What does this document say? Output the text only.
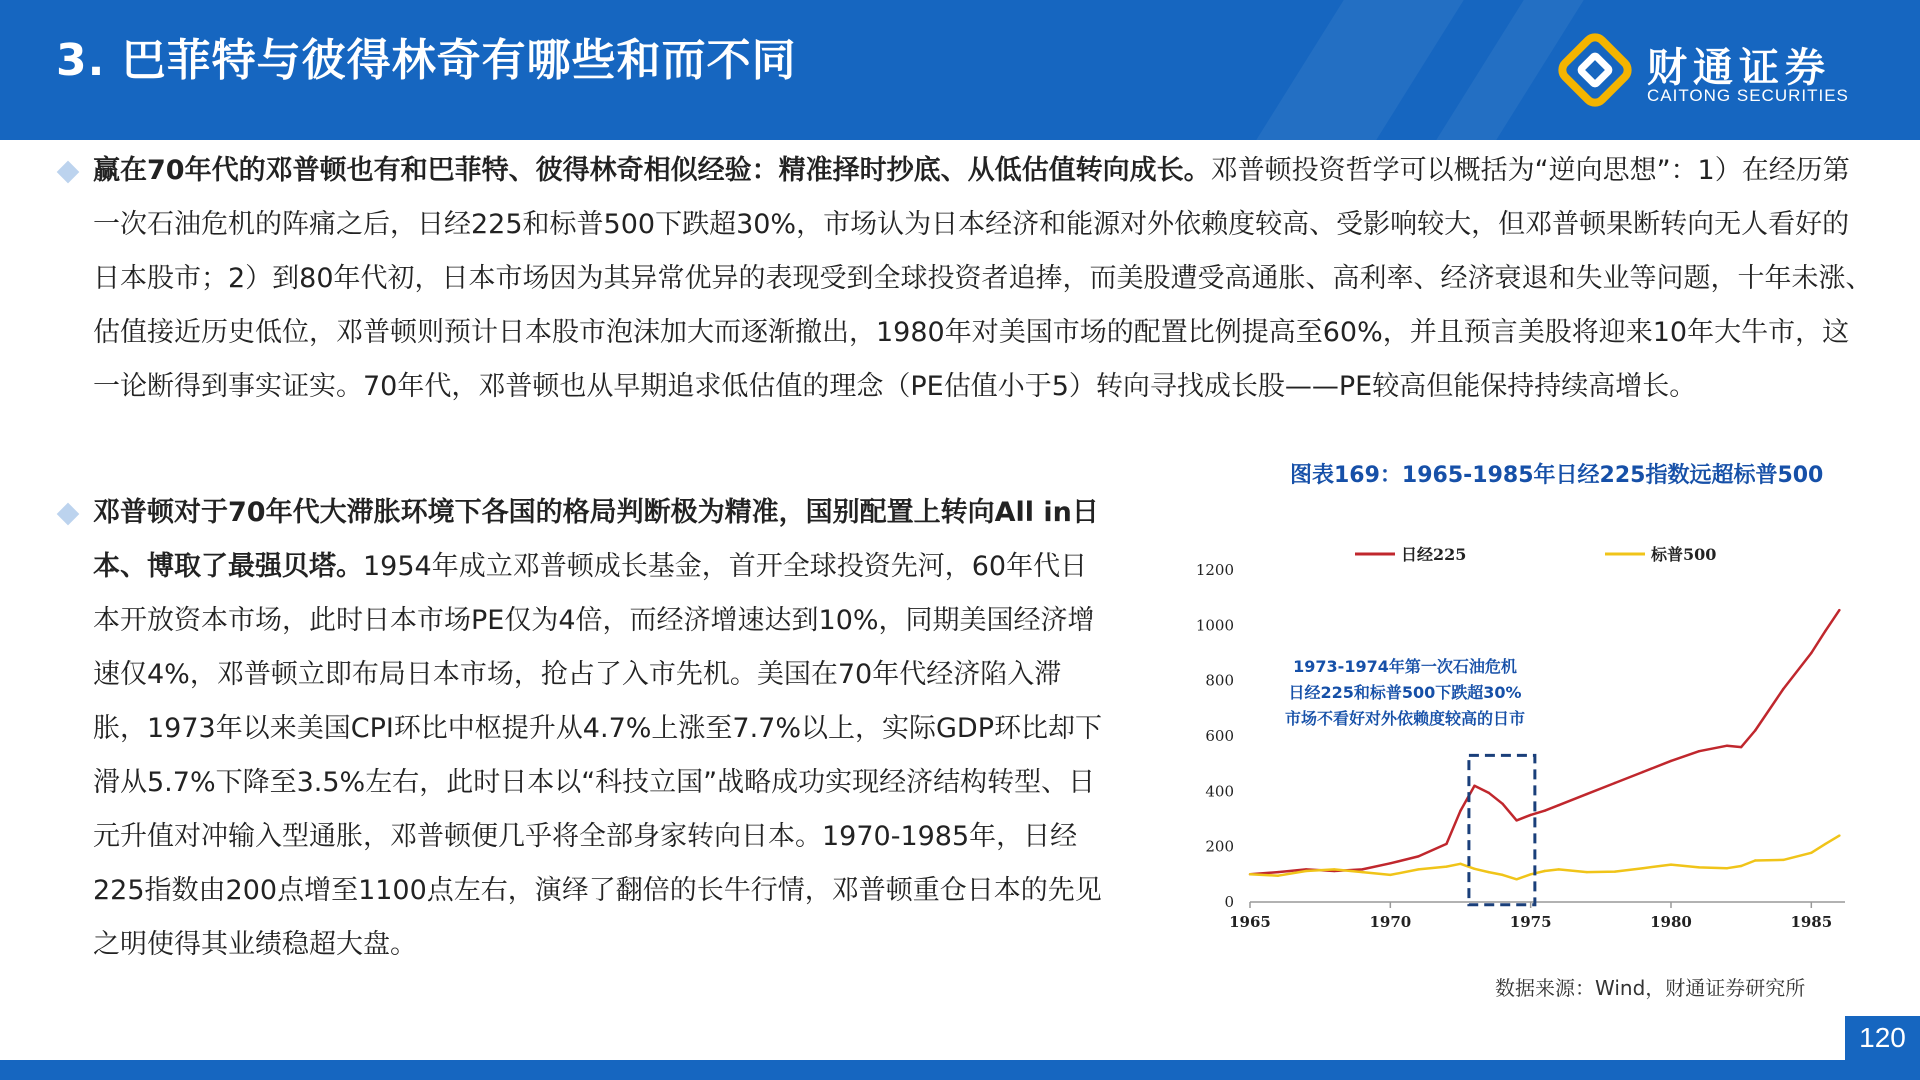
3. 巴菲特与彼得林奇有哪些和而不同	财通证券
CAITONG SECURITIES
赢在70年代的邓普顿也有和巴菲特、彼得林奇相似经验：精准择时抄底、从低估值转向成长。邓普顿投资哲学可以概括为“逆向思想”：1）在经历第一次石油危机的阵痛之后，日经225和标普500下跌超30%，市场认为日本经济和能源对外依赖度较高、受影响较大，但邓普顿果断转向无人看好的日本股市；2）到80年代初，日本市场因为其异常优异的表现受到全球投资者追捧，而美股遭受高通胀、高利率、经济衰退和失业等问题，十年未涨、估值接近历史低位，邓普顿则预计日本股市泡沫加大而逐渐撤出，1980年对美国市场的配置比例提高至60%，并且预言美股将迎来10年大牛市，这一论断得到事实证实。70年代，邓普顿也从早期追求低估值的理念（PE估值小于5）转向寻找成长股——PE较高但能保持持续高增长。
邓普顿对于70年代大滞胀环境下各国的格局判断极为精准，国别配置上转向All in日本、博取了最强贝塔。1954年成立邓普顿成长基金，首开全球投资先河，60年代日本开放资本市场，此时日本市场PE仅为4倍，而经济增速达到10%，同期美国经济增速仅4%，邓普顿立即布局日本市场，抢占了入市先机。美国在70年代经济陷入滞胀，1973年以来美国CPI环比中枢提升从4.7%上涨至7.7%以上，实际GDP环比却下滑从5.7%下降至3.5%左右，此时日本以“科技立国”战略成功实现经济结构转型、日元升值对冲输入型通胀，邓普顿便几乎将全部身家转向日本。1970-1985年，日经225指数由200点增至1100点左右，演绎了翻倍的长牛行情，邓普顿重仓日本的先见之明使得其业绩稳超大盘。
图表169：1965-1985年日经225指数远超标普500
0
200
400
600
800
1000
1200
1965	1970	1975	1980	1985
日经225	标普500
1973-1974年第一次石油危机
日经225和标普500下跌超30%
市场不看好对外依赖度较高的日市
数据来源：Wind，财通证券研究所
120
